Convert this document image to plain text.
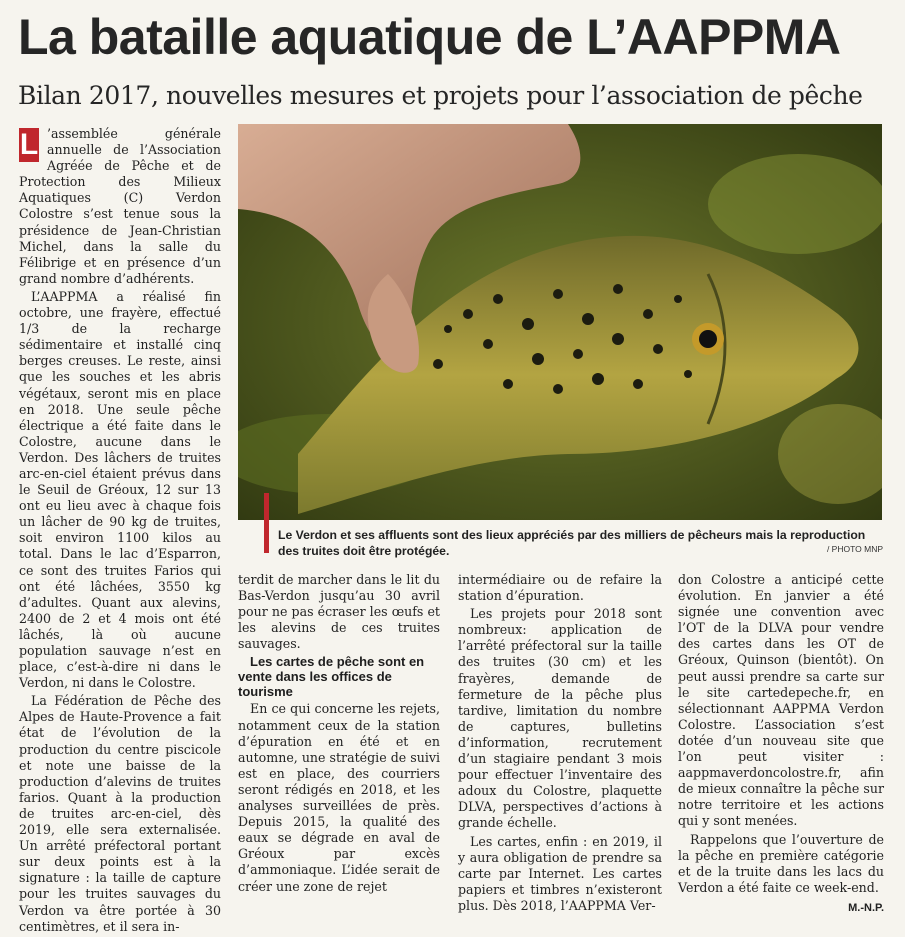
La bataille aquatique de L’AAPPMA
Bilan 2017, nouvelles mesures et projets pour l’association de pêche

L ’assemblée générale annuelle de l’Association Agréée de Pêche et de Protection des Milieux Aquatiques (C) Verdon Colostre s’est tenue sous la présidence de Jean-Christian Michel, dans la salle du Félibrige et en présence d’un grand nombre d’adhérents.

L’AAPPMA a réalisé fin octobre, une frayère, effectué 1/3 de la recharge sédimentaire et installé cinq berges creuses. Le reste, ainsi que les souches et les abris végétaux, seront mis en place en 2018. Une seule pêche électrique a été faite dans le Colostre, aucune dans le Verdon. Des lâchers de truites arc-en-ciel étaient prévus dans le Seuil de Gréoux, 12 sur 13 ont eu lieu avec à chaque fois un lâcher de 90 kg de truites, soit environ 1100 kilos au total. Dans le lac d’Esparron, ce sont des truites Farios qui ont été lâchées, 3550 kg d’adultes. Quant aux alevins, 2400 de 2 et 4 mois ont été lâchés, là où aucune population sauvage n’est en place, c’est-à-dire ni dans le Verdon, ni dans le Colostre.

La Fédération de Pêche des Alpes de Haute-Provence a fait état de l’évolution de la production du centre piscicole et note une baisse de la production d’alevins de truites farios. Quant à la production de truites arc-en-ciel, dès 2019, elle sera externalisée. Un arrêté préfectoral portant sur deux points est à la signature : la taille de capture pour les truites sauvages du Verdon va être portée à 30 centimètres, et il sera in-

Le Verdon et ses affluents sont des lieux appréciés par des milliers de pêcheurs mais la reproduction des truites doit être protégée.	/ PHOTO MNP

terdit de marcher dans le lit du Bas-Verdon jusqu’au 30 avril pour ne pas écraser les œufs et les alevins de ces truites sauvages.

Les cartes de pêche sont en vente dans les offices de tourisme

En ce qui concerne les rejets, notamment ceux de la station d’épuration en été et en automne, une stratégie de suivi est en place, des courriers seront rédigés en 2018, et les analyses surveillées de près. Depuis 2015, la qualité des eaux se dégrade en aval de Gréoux par excès d’ammoniaque. L’idée serait de créer une zone de rejet

intermédiaire ou de refaire la station d’épuration.

Les projets pour 2018 sont nombreux: application de l’arrêté préfectoral sur la taille des truites (30 cm) et les frayères, demande de fermeture de la pêche plus tardive, limitation du nombre de captures, bulletins d’information, recrutement d’un stagiaire pendant 3 mois pour effectuer l’inventaire des adoux du Colostre, plaquette DLVA, perspectives d’actions à grande échelle.

Les cartes, enfin : en 2019, il y aura obligation de prendre sa carte par Internet. Les cartes papiers et timbres n’existeront plus. Dès 2018, l’AAPPMA Ver-

don Colostre a anticipé cette évolution. En janvier a été signée une convention avec l’OT de la DLVA pour vendre des cartes dans les OT de Gréoux, Quinson (bientôt). On peut aussi prendre sa carte sur le site cartedepeche.fr, en sélectionnant AAPPMA Verdon Colostre. L’association s’est dotée d’un nouveau site que l’on peut visiter : aappmaverdoncolostre.fr, afin de mieux connaître la pêche sur notre territoire et les actions qui y sont menées.

Rappelons que l’ouverture de la pêche en première catégorie et de la truite dans les lacs du Verdon a été faite ce week-end.

M.-N.P.
